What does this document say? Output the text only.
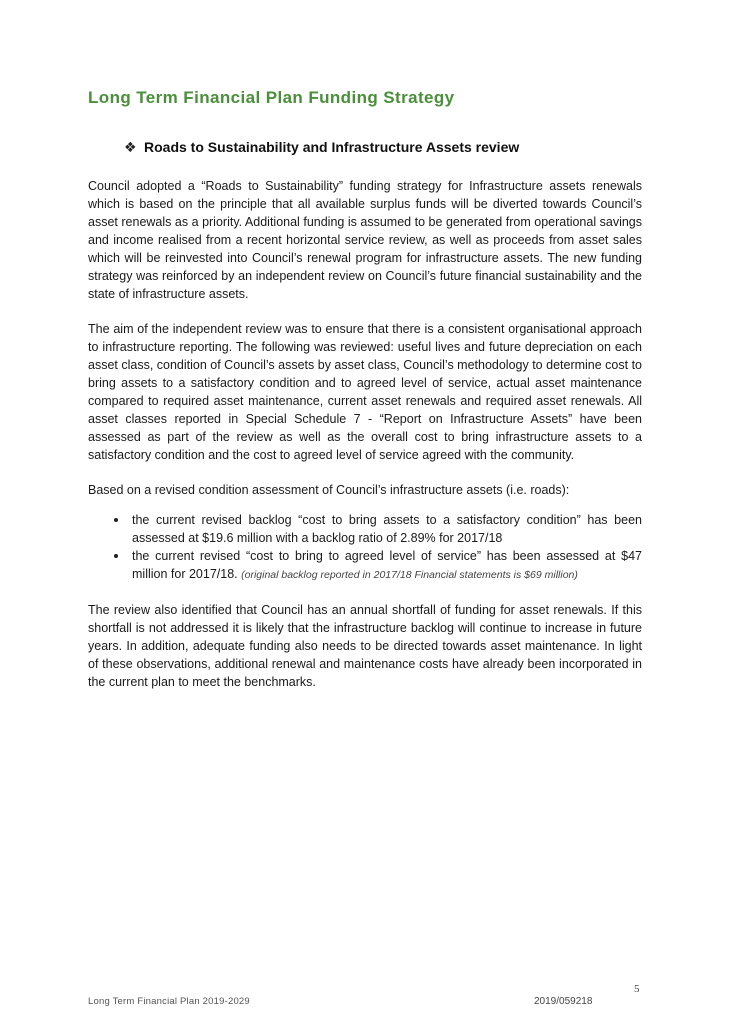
Long Term Financial Plan Funding Strategy
❖ Roads to Sustainability and Infrastructure Assets review

Council adopted a “Roads to Sustainability” funding strategy for Infrastructure assets renewals which is based on the principle that all available surplus funds will be diverted towards Council’s asset renewals as a priority. Additional funding is assumed to be generated from operational savings and income realised from a recent horizontal service review, as well as proceeds from asset sales which will be reinvested into Council’s renewal program for infrastructure assets. The new funding strategy was reinforced by an independent review on Council’s future financial sustainability and the state of infrastructure assets.

The aim of the independent review was to ensure that there is a consistent organisational approach to infrastructure reporting. The following was reviewed: useful lives and future depreciation on each asset class, condition of Council’s assets by asset class, Council’s methodology to determine cost to bring assets to a satisfactory condition and to agreed level of service, actual asset maintenance compared to required asset maintenance, current asset renewals and required asset renewals. All asset classes reported in Special Schedule 7 - “Report on Infrastructure Assets” have been assessed as part of the review as well as the overall cost to bring infrastructure assets to a satisfactory condition and the cost to agreed level of service agreed with the community.

Based on a revised condition assessment of Council’s infrastructure assets (i.e. roads):

the current revised backlog “cost to bring assets to a satisfactory condition” has been assessed at $19.6 million with a backlog ratio of 2.89% for 2017/18
the current revised “cost to bring to agreed level of service” has been assessed at $47 million for 2017/18. (original backlog reported in 2017/18 Financial statements is $69 million)

The review also identified that Council has an annual shortfall of funding for asset renewals. If this shortfall is not addressed it is likely that the infrastructure backlog will continue to increase in future years. In addition, adequate funding also needs to be directed towards asset maintenance. In light of these observations, additional renewal and maintenance costs have already been incorporated in the current plan to meet the benchmarks.

5
Long Term Financial Plan 2019-2029	2019/059218
